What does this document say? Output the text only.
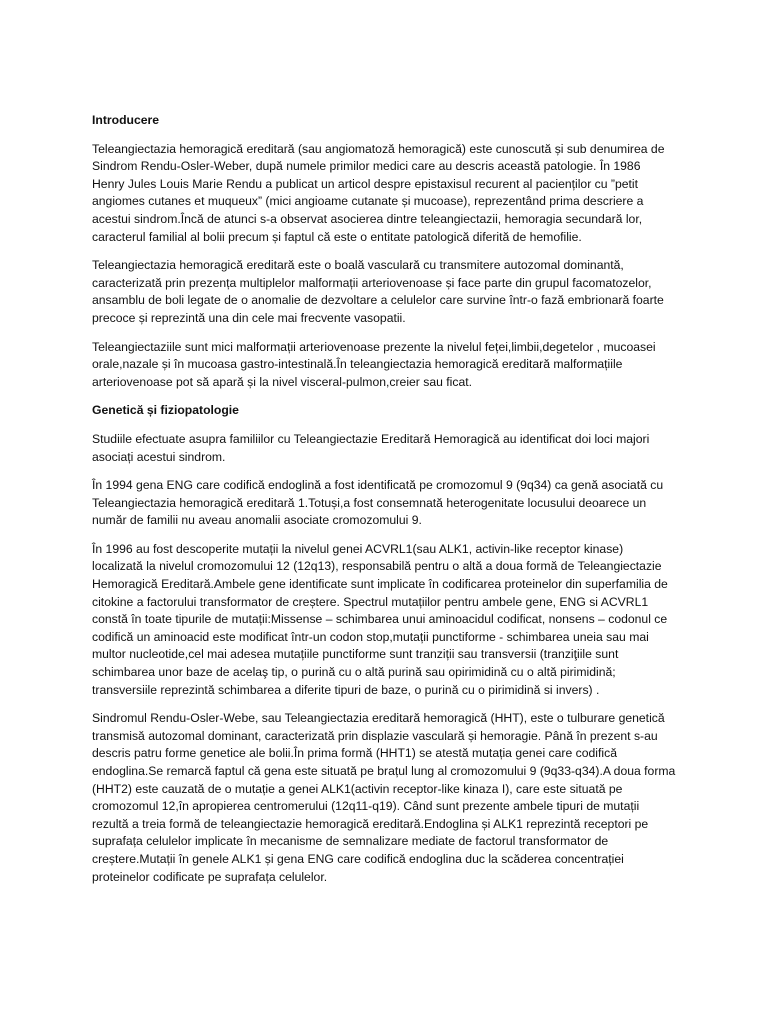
Introducere

Teleangiectazia hemoragică ereditară (sau angiomatoză hemoragică) este cunoscută și sub denumirea de Sindrom Rendu-Osler-Weber, după numele primilor medici care au descris această patologie. În 1986 Henry Jules Louis Marie Rendu a publicat un articol despre epistaxisul recurent al pacienților cu ”petit angiomes cutanes et muqueux” (mici angioame cutanate și mucoase), reprezentând prima descriere a acestui sindrom.Încă de atunci s-a observat asocierea dintre teleangiectazii, hemoragia secundară lor, caracterul familial al bolii precum și faptul că este o entitate patologică diferită de hemofilie.

Teleangiectazia hemoragică ereditară este o boală vasculară cu transmitere autozomal dominantă, caracterizată prin prezența multiplelor malformații arteriovenoase și face parte din grupul facomatozelor, ansamblu de boli legate de o anomalie de dezvoltare a celulelor care survine într-o fază embrionară foarte precoce și reprezintă una din cele mai frecvente vasopatii.

Teleangiectaziile sunt mici malformații arteriovenoase prezente la nivelul feței,limbii,degetelor , mucoasei orale,nazale și în mucoasa gastro-intestinală.În teleangiectazia hemoragică ereditară malformațiile arteriovenoase pot să apară și la nivel visceral-pulmon,creier sau ficat.

Genetică și fiziopatologie

Studiile efectuate asupra familiilor cu Teleangiectazie Ereditară Hemoragică au identificat doi loci majori asociați acestui sindrom.

În 1994 gena ENG care codifică endoglină a fost identificată pe cromozomul 9 (9q34) ca genă asociată cu Teleangiectazia hemoragică ereditară 1.Totuși,a fost consemnată heterogenitate locusului deoarece un număr de familii nu aveau anomalii asociate cromozomului 9.

În 1996 au fost descoperite mutații la nivelul genei ACVRL1(sau ALK1, activin-like receptor kinase) localizată la nivelul cromozomului 12 (12q13), responsabilă pentru o altă a doua formă de Teleangiectazie Hemoragică Ereditară.Ambele gene identificate sunt implicate în codificarea proteinelor din superfamilia de citokine a factorului transformator de creștere. Spectrul mutațiilor pentru ambele gene, ENG si ACVRL1 constă în toate tipurile de mutații:Missense – schimbarea unui aminoacidul codificat, nonsens – codonul ce codifică un aminoacid este modificat într-un codon stop,mutații punctiforme - schimbarea uneia sau mai multor nucleotide,cel mai adesea mutațiile punctiforme sunt tranziții sau transversii (tranziţiile sunt schimbarea unor baze de acelaş tip, o purină cu o altă purină sau opirimidină cu o altă pirimidină; transversiile reprezintă schimbarea a diferite tipuri de baze, o purină cu o pirimidină si invers) .

Sindromul Rendu-Osler-Webe, sau Teleangiectazia ereditară hemoragică (HHT), este o tulburare genetică transmisă autozomal dominant, caracterizată prin displazie vasculară și hemoragie. Până în prezent s-au descris patru forme genetice ale bolii.În prima formă (HHT1) se atestă mutația genei care codifică endoglina.Se remarcă faptul că gena este situată pe brațul lung al cromozomului 9 (9q33-q34).A doua forma (HHT2) este cauzată de o mutație a genei ALK1(activin receptor-like kinaza I), care este situată pe cromozomul 12,în apropierea centromerului (12q11-q19). Când sunt prezente ambele tipuri de mutații rezultă a treia formă de teleangiectazie hemoragică ereditară.Endoglina și ALK1 reprezintă receptori pe suprafața celulelor implicate în mecanisme de semnalizare mediate de factorul transformator de creștere.Mutații în genele ALK1 și gena ENG care codifică endoglina duc la scăderea concentrației proteinelor codificate pe suprafața celulelor.
